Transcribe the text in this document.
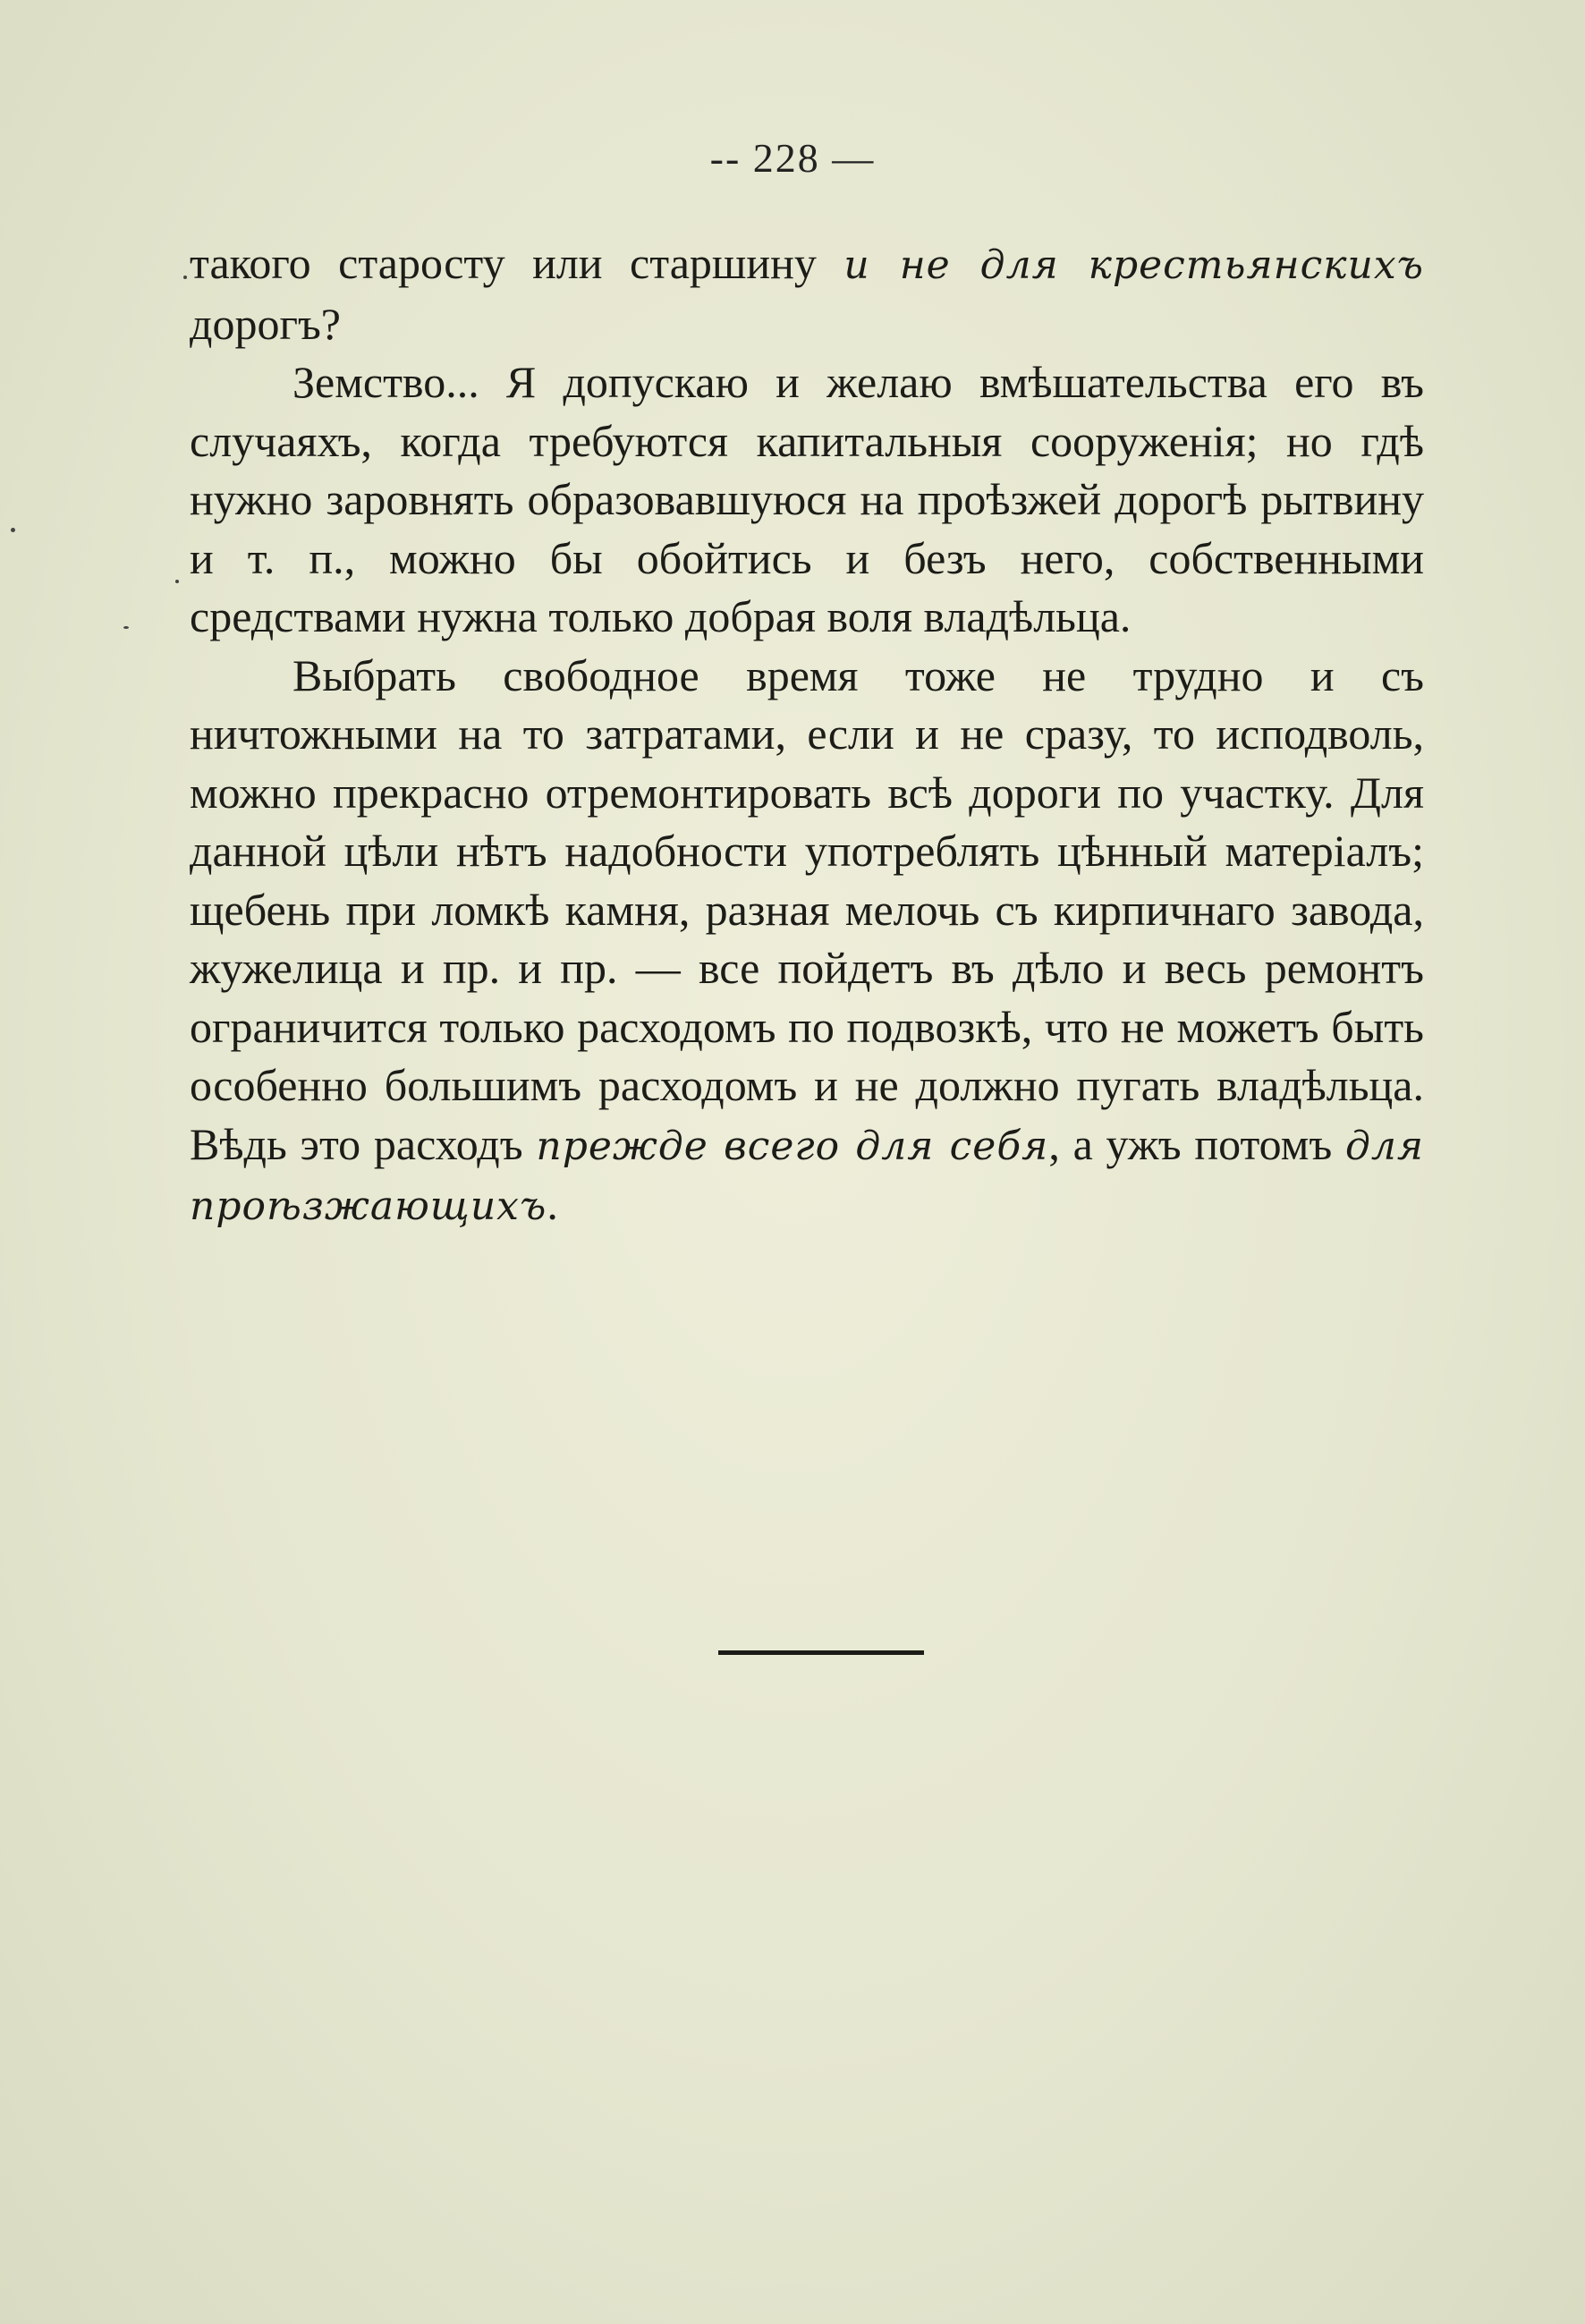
-- 228 —

такого старосту или старшину и не для крестьянскихъ дорогъ?

Земство... Я допускаю и желаю вмѣшательства его въ случаяхъ, когда требуются капитальныя сооруженія; но гдѣ нужно заровнять образовавшуюся на проѣзжей дорогѣ рытвину и т. п., можно бы обойтись и безъ него, собственными средствами нужна только добрая воля владѣльца.

Выбрать свободное время тоже не трудно и съ ничтожными на то затратами, если и не сразу, то исподволь, можно прекрасно отремонтировать всѣ дороги по участку. Для данной цѣли нѣтъ надобности употреблять цѣнный матеріалъ; щебень при ломкѣ камня, разная мелочь съ кирпичнаго завода, жужелица и пр. и пр. — все пойдетъ въ дѣло и весь ремонтъ ограничится только расходомъ по подвозкѣ, что не можетъ быть особенно большимъ расходомъ и не должно пугать владѣльца. Вѣдь это расходъ прежде всего для себя, а ужъ потомъ для проѣзжающихъ.
